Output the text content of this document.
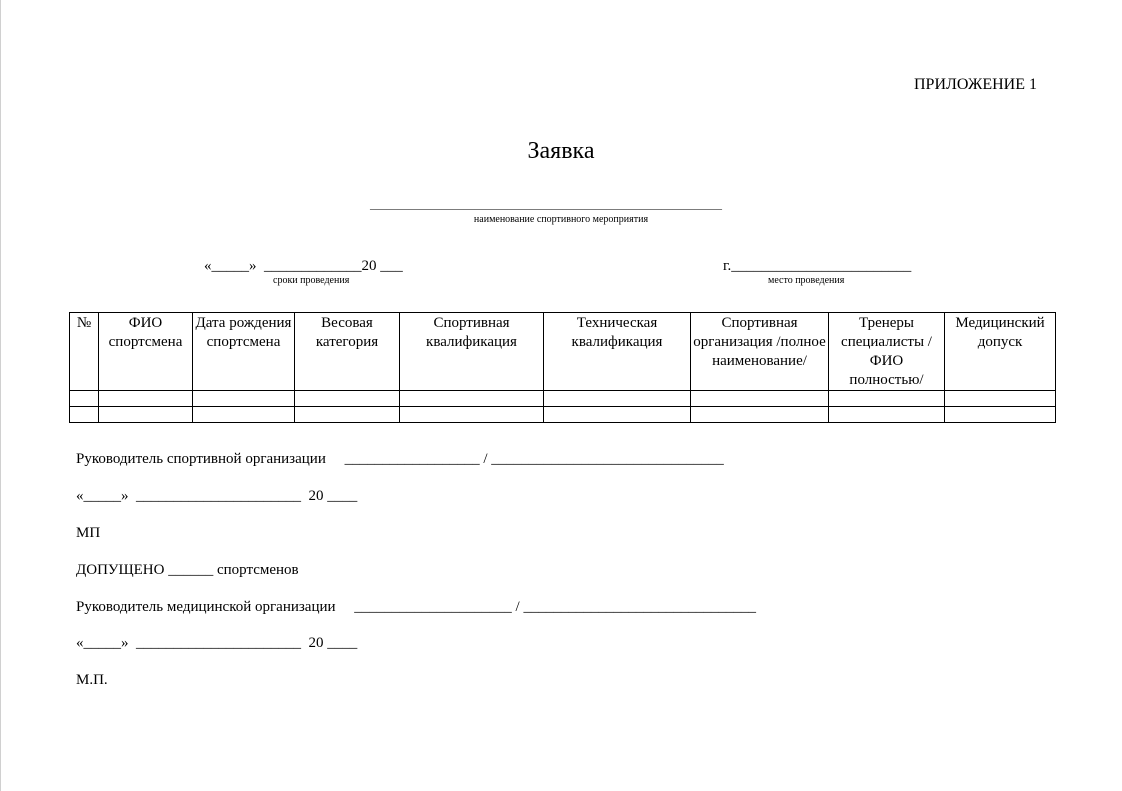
ПРИЛОЖЕНИЕ 1
Заявка
________________________________________________________________
наименование спортивного мероприятия
«_____»  _____________20 ___
сроки проведения
г.________________________
место проведения
№	ФИО спортсмена	Дата рождения спортсмена	Весовая категория	Спортивная квалификация	Техническая квалификация	Спортивная организация /полное наименование/	Тренеры специалисты /ФИО полностью/	Медицинский допуск

Руководитель спортивной организации     __________________ / _______________________________
«_____»  ______________________  20 ____
МП
ДОПУЩЕНО ______ спортсменов
Руководитель медицинской организации     _____________________ / _______________________________
«_____»  ______________________  20 ____
М.П.
